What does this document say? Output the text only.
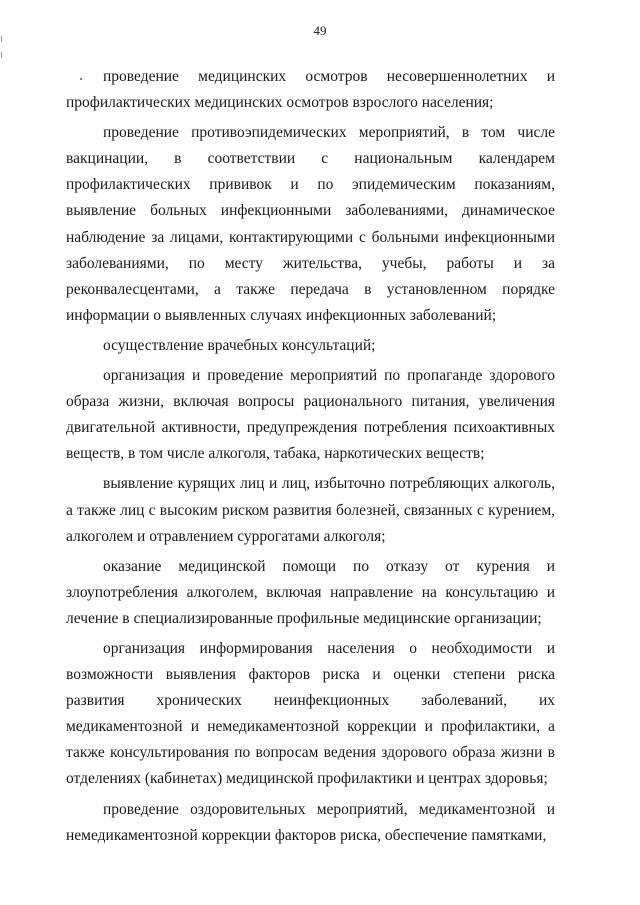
49

проведение медицинских осмотров несовершеннолетних и профилактических медицинских осмотров взрослого населения;

проведение противоэпидемических мероприятий, в том числе вакцинации, в соответствии с национальным календарем профилактических прививок и по эпидемическим показаниям, выявление больных инфекционными заболеваниями, динамическое наблюдение за лицами, контактирующими с больными инфекционными заболеваниями, по месту жительства, учебы, работы и за реконвалесцентами, а также передача в установленном порядке информации о выявленных случаях инфекционных заболеваний;

осуществление врачебных консультаций;

организация и проведение мероприятий по пропаганде здорового образа жизни, включая вопросы рационального питания, увеличения двигательной активности, предупреждения потребления психоактивных веществ, в том числе алкоголя, табака, наркотических веществ;

выявление курящих лиц и лиц, избыточно потребляющих алкоголь, а также лиц с высоким риском развития болезней, связанных с курением, алкоголем и отравлением суррогатами алкоголя;

оказание медицинской помощи по отказу от курения и злоупотребления алкоголем, включая направление на консультацию и лечение в специализированные профильные медицинские организации;

организация информирования населения о необходимости и возможности выявления факторов риска и оценки степени риска развития хронических неинфекционных заболеваний, их медикаментозной и немедикаментозной коррекции и профилактики, а также консультирования по вопросам ведения здорового образа жизни в отделениях (кабинетах) медицинской профилактики и центрах здоровья;

проведение оздоровительных мероприятий, медикаментозной и немедикаментозной коррекции факторов риска, обеспечение памятками,
